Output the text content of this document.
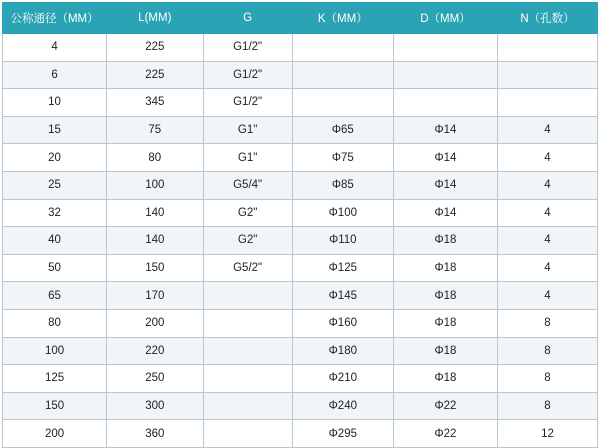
公称通径（MM）	L(MM)	G	K（MM）	D（MM）	N（孔数）
4	225	G1/2"			
6	225	G1/2"			
10	345	G1/2"			
15	75	G1"	Φ65	Φ14	4
20	80	G1"	Φ75	Φ14	4
25	100	G5/4"	Φ85	Φ14	4
32	140	G2"	Φ100	Φ14	4
40	140	G2"	Φ110	Φ18	4
50	150	G5/2"	Φ125	Φ18	4
65	170		Φ145	Φ18	4
80	200		Φ160	Φ18	8
100	220		Φ180	Φ18	8
125	250		Φ210	Φ18	8
150	300		Φ240	Φ22	8
200	360		Φ295	Φ22	12
